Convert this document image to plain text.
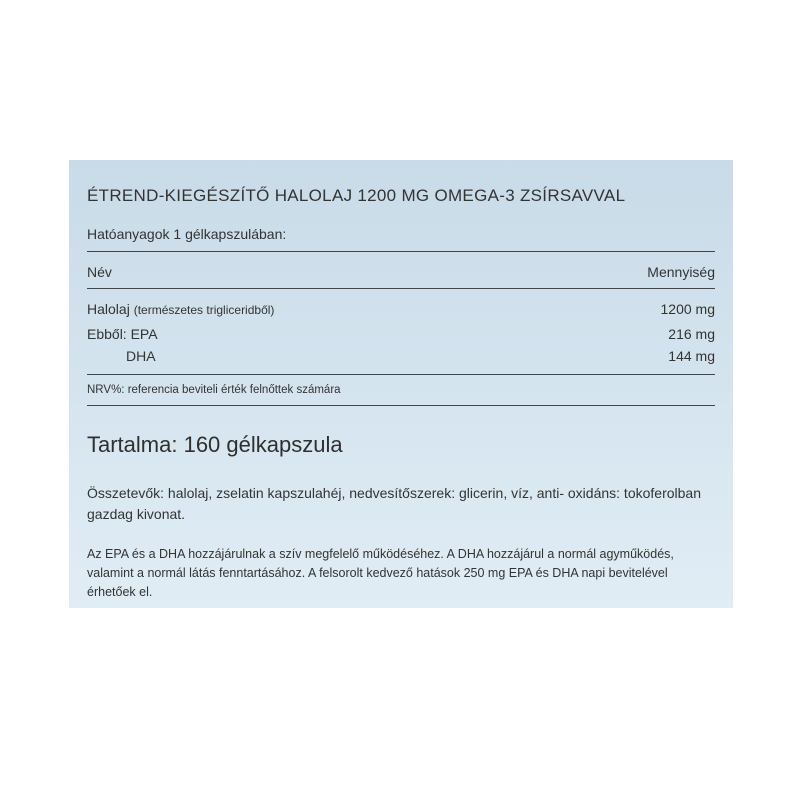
ÉTREND-KIEGÉSZÍTŐ HALOLAJ 1200 MG OMEGA-3 ZSÍRSAVVAL
Hatóanyagok 1 gélkapszulában:
Név	Mennyiség
Halolaj (természetes trigliceridből)	1200 mg
Ebből: EPA	216 mg
DHA	144 mg
NRV%: referencia beviteli érték felnőttek számára
Tartalma: 160 gélkapszula
Összetevők: halolaj, zselatin kapszulahéj, nedvesítőszerek: glicerin, víz, anti- oxidáns: tokoferolban gazdag kivonat.
Az EPA és a DHA hozzájárulnak a szív megfelelő működéséhez. A DHA hozzájárul a normál agyműködés, valamint a normál látás fenntartásához. A felsorolt kedvező hatások 250 mg EPA és DHA napi bevitelével érhetőek el.
